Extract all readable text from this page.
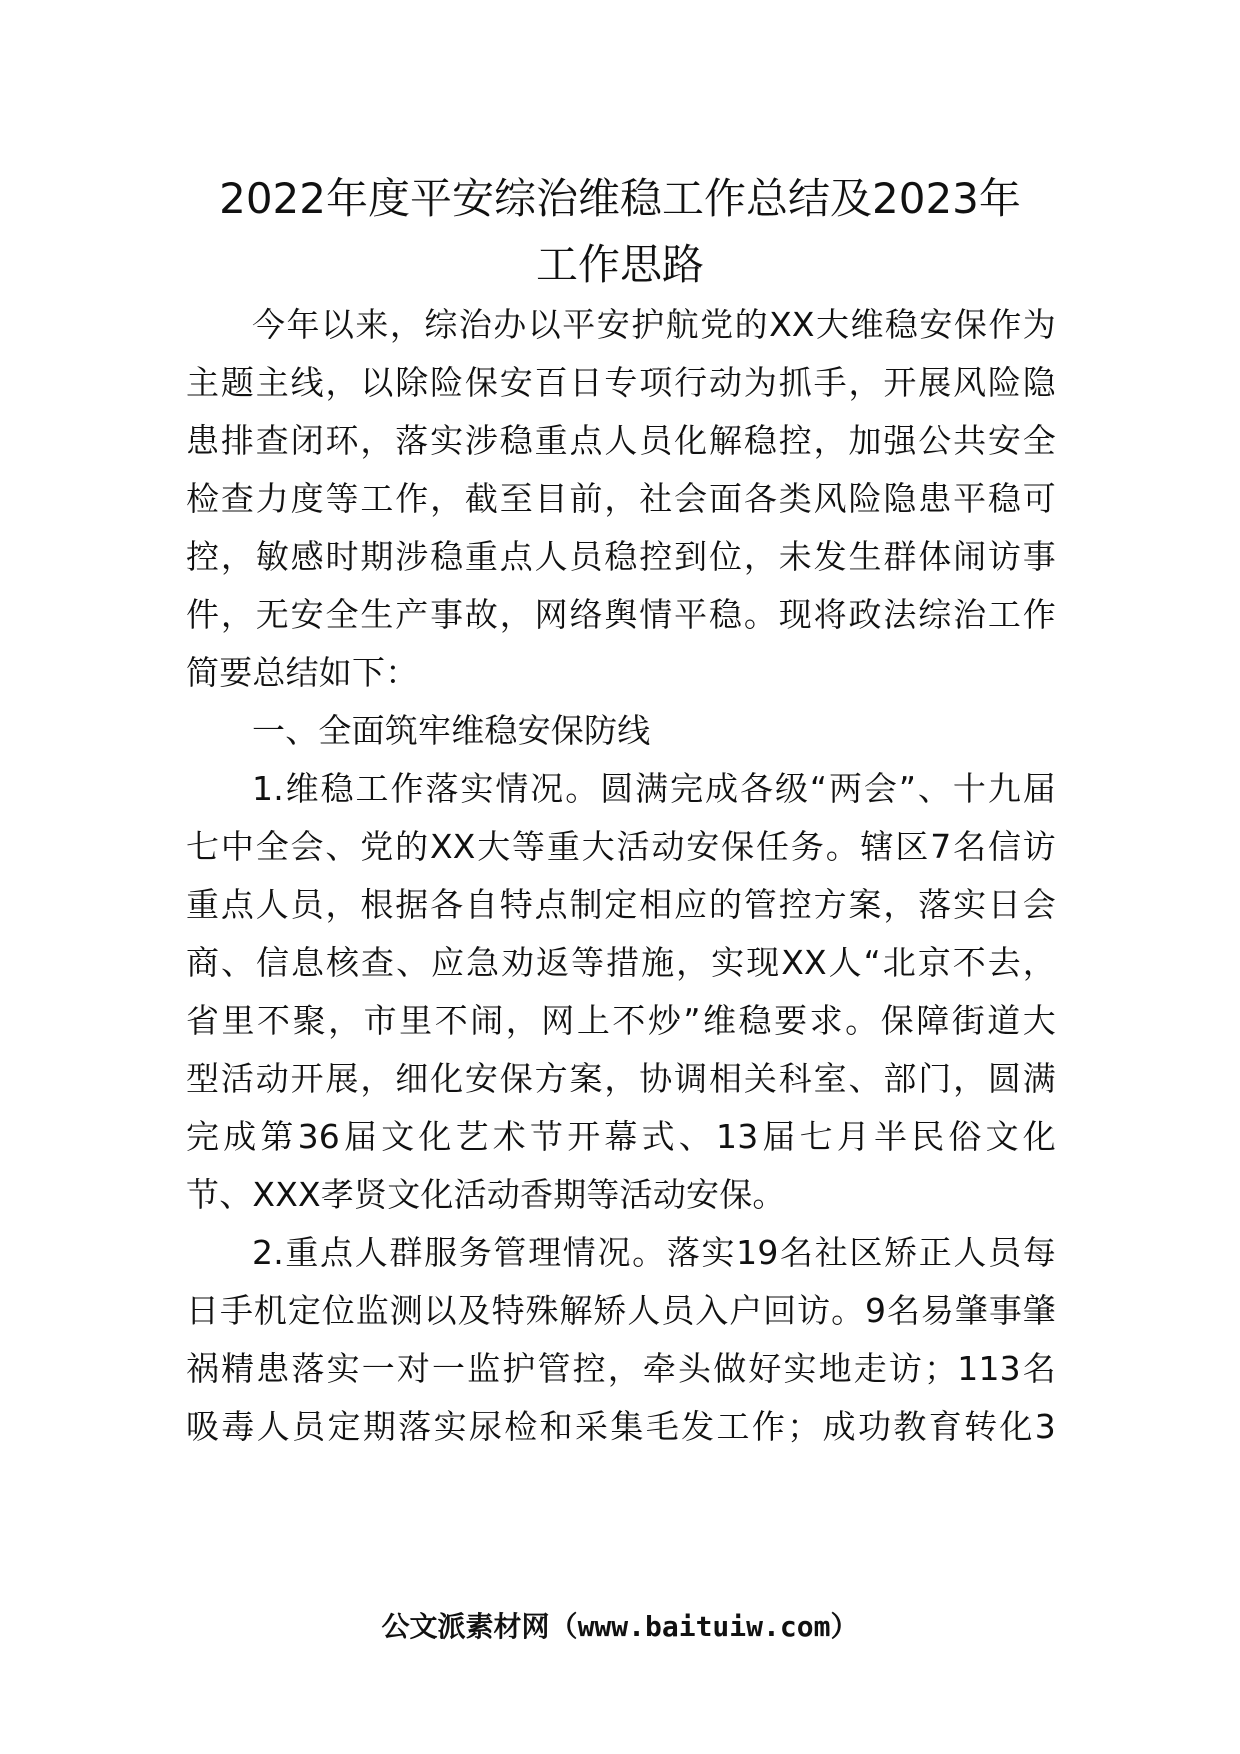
2022年度平安综治维稳工作总结及2023年
工作思路
今年以来，综治办以平安护航党的XX大维稳安保作为
主题主线，以除险保安百日专项行动为抓手，开展风险隐
患排查闭环，落实涉稳重点人员化解稳控，加强公共安全
检查力度等工作，截至目前，社会面各类风险隐患平稳可
控，敏感时期涉稳重点人员稳控到位，未发生群体闹访事
件，无安全生产事故，网络舆情平稳。现将政法综治工作
简要总结如下：
一、全面筑牢维稳安保防线
1.维稳工作落实情况。圆满完成各级“两会”、十九届
七中全会、党的XX大等重大活动安保任务。辖区7名信访
重点人员，根据各自特点制定相应的管控方案，落实日会
商、信息核查、应急劝返等措施，实现XX人“北京不去，
省里不聚，市里不闹，网上不炒”维稳要求。保障街道大
型活动开展，细化安保方案，协调相关科室、部门，圆满
完成第36届文化艺术节开幕式、13届七月半民俗文化
节、XXX孝贤文化活动香期等活动安保。
2.重点人群服务管理情况。落实19名社区矫正人员每
日手机定位监测以及特殊解矫人员入户回访。9名易肇事肇
祸精患落实一对一监护管控，牵头做好实地走访；113名
吸毒人员定期落实尿检和采集毛发工作；成功教育转化3
公文派素材网（www.baituiw.com）
